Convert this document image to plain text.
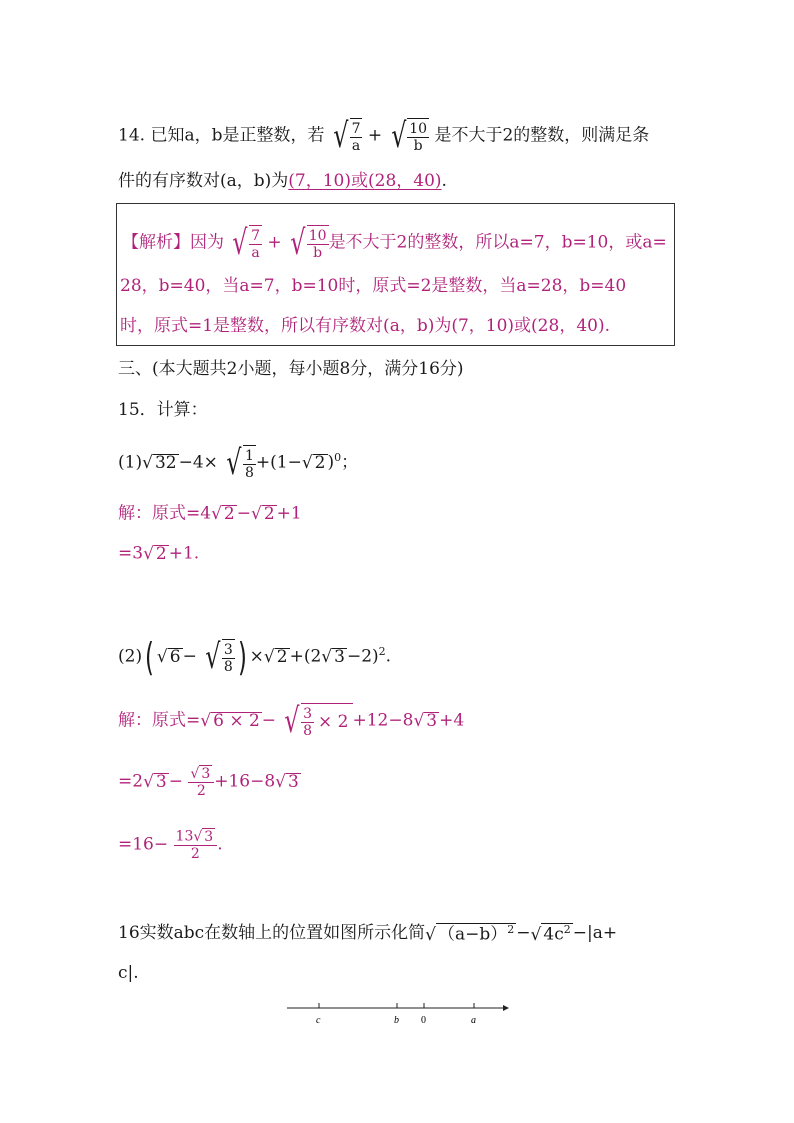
14. 已知a，b是正整数，若 √ $\frac{7}{a}$ + √ $\frac{10}{b}$ 是不大于2的整数，则满足条
件的有序数对(a，b)为(7，10)或(28，40).
【解析】因为 √ $\frac{7}{a}$ + √ $\frac{10}{b}$ 是不大于2的整数，所以a=7，b=10，或a=
28，b=40，当a=7，b=10时，原式=2是整数，当a=28，b=40
时，原式=1是整数，所以有序数对(a，b)为(7，10)或(28，40).
三、(本大题共2小题，每小题8分，满分16分)
15．计算：
(1)√ 32 −4× √ $\frac{1}{8} +(1-√$ 2 )$^0$；
解：原式=4√ 2 −√ 2 +1
=3√ 2 +1.
(2)( √ 6 − √ $\frac{3}{8}$ ) ×√ 2 +(2√ 3 −2)$^2$.
解：原式=√ 6 × 2 − √ $\frac{3}{8} \times 2 +12-8√$ 3 +4
=2√ $3 - \frac{√ 3}{2} +16-8√$ 3
$=16- \frac{13√ 3}{2}$ .
16实数abc在数轴上的位置如图所示化简√ $(a-b)^2$ −√ $4c^2 -|a+$
c|.
c	b 0	a
